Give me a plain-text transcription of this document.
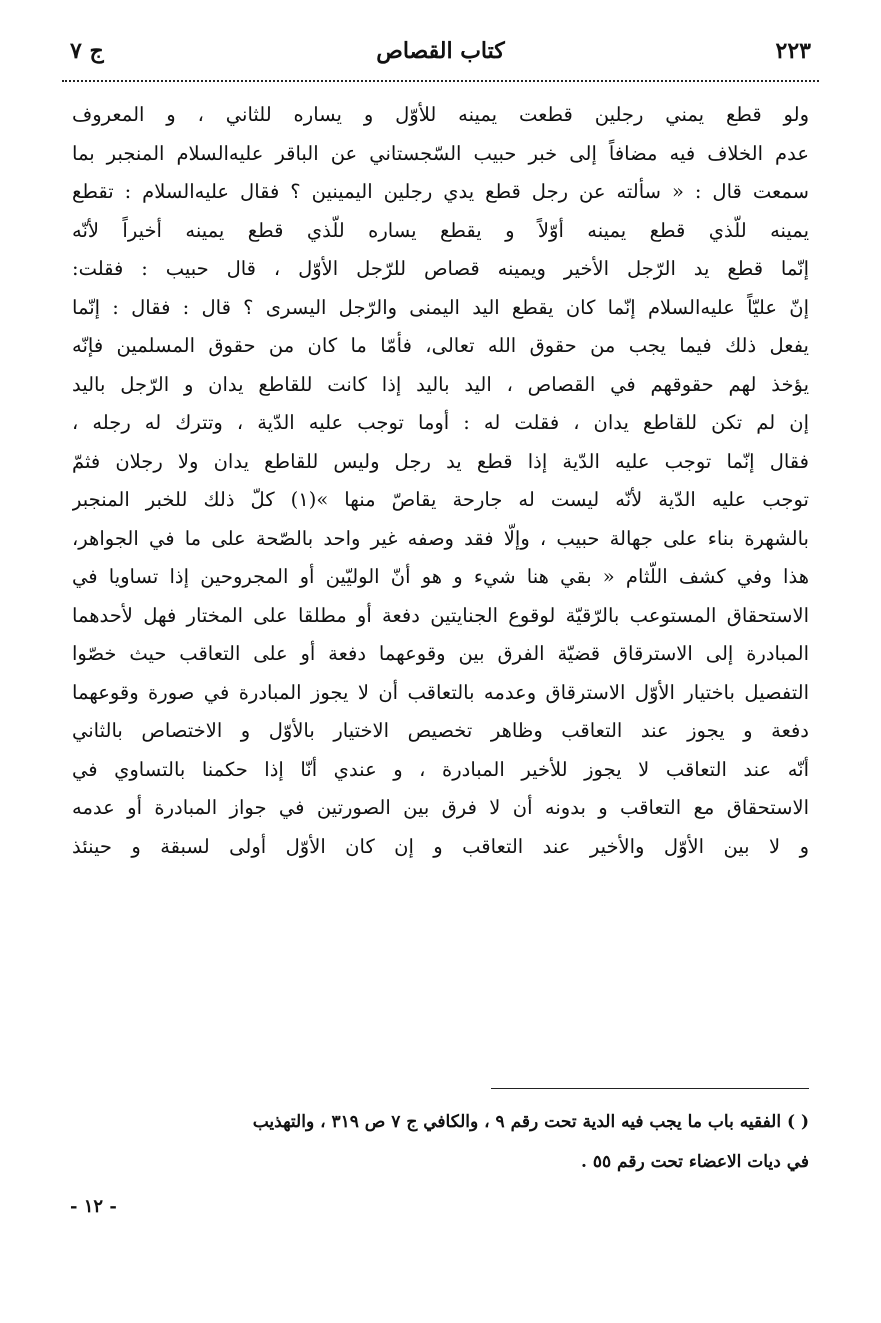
٢٢٣
كتاب القصاص
ج ٧
ولو قطع يمني رجلين قطعت يمينه للأوّل و يساره للثاني ، و المعروف
عدم الخلاف فيه مضافاً إلى خبر حبيب السّجستاني عن الباقر عليه‌السلام المنجبر بما
سمعت قال : « سألته عن رجل قطع يدي رجلين اليمينين ؟ فقال عليه‌السلام : تقطع
يمينه للّذي قطع يمينه أوّلاً و يقطع يساره للّذي قطع يمينه أخيراً لأنّه
إنّما قطع يد الرّجل الأخير ويمينه قصاص للرّجل الأوّل ، قال حبيب : فقلت:
إنّ عليّاً عليه‌السلام إنّما كان يقطع اليد اليمنى والرّجل اليسرى ؟ قال : فقال : إنّما
يفعل ذلك فيما يجب من حقوق الله تعالى، فأمّا ما كان من حقوق المسلمين فإنّه
يؤخذ لهم حقوقهم في القصاص ، اليد باليد إذا كانت للقاطع يدان و الرّجل باليد
إن لم تكن للقاطع يدان ، فقلت له : أوما توجب عليه الدّية ، وتترك له رجله ،
فقال إنّما توجب عليه الدّية إذا قطع يد رجل وليس للقاطع يدان ولا رجلان فثمّ
توجب عليه الدّية لأنّه ليست له جارحة يقاصّ منها »(١) كلّ ذلك للخبر المنجبر
بالشهرة بناء على جهالة حبيب ، وإلّا فقد وصفه غير واحد بالصّحة على ما في الجواهر،
هذا وفي كشف اللّثام « بقي هنا شيء و هو أنّ الوليّين أو المجروحين إذا تساويا في
الاستحقاق المستوعب بالرّقيّة لوقوع الجنايتين دفعة أو مطلقا على المختار فهل لأحدهما
المبادرة إلى الاسترقاق قضيّة الفرق بين وقوعهما دفعة أو على التعاقب حيث خصّوا
التفصيل باختيار الأوّل الاسترقاق وعدمه بالتعاقب أن لا يجوز المبادرة في صورة وقوعهما
دفعة و يجوز عند التعاقب وظاهر تخصيص الاختيار بالأوّل و الاختصاص بالثاني
أنّه عند التعاقب لا يجوز للأخير المبادرة ، و عندي أنّا إذا حكمنا بالتساوي في
الاستحقاق مع التعاقب و بدونه أن لا فرق بين الصورتين في جواز المبادرة أو عدمه
و لا بين الأوّل والأخير عند التعاقب و إن كان الأوّل أولى لسبقة و حينئذ
( ) الفقيه باب ما يجب فيه الدية تحت رقم ٩ ، والكافي ج ٧ ص ٣١٩ ، والتهذيب
في ديات الاعضاء تحت رقم ٥٥ .
- ١٢ -
